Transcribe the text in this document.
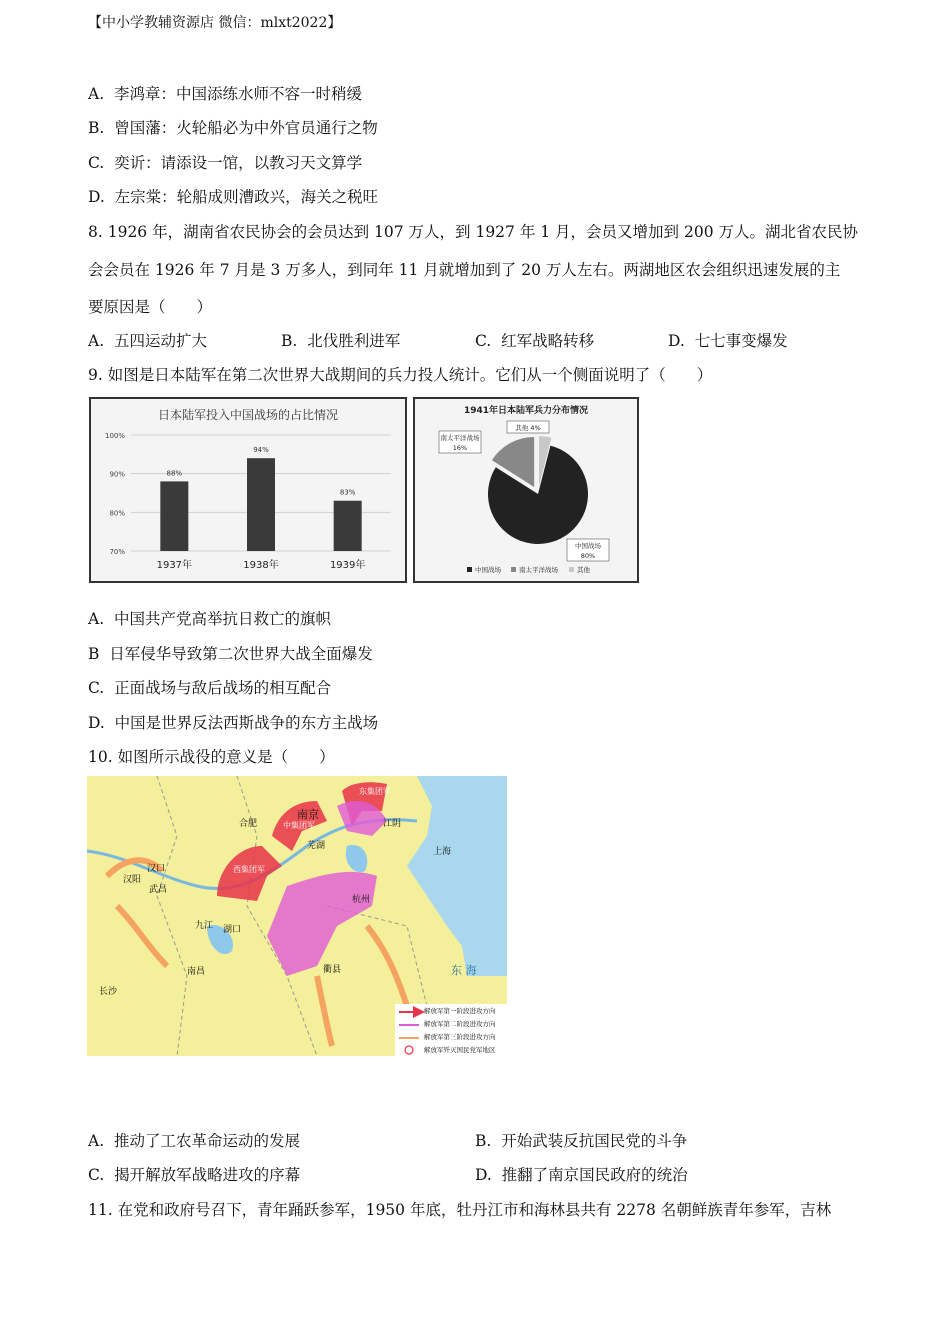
【中小学教辅资源店 微信：mlxt2022】
A. 李鸿章：中国添练水师不容一时稍缓
B. 曾国藩：火轮船必为中外官员通行之物
C. 奕䜣：请添设一馆，以教习天文算学
D. 左宗棠：轮船成则漕政兴，海关之税旺
8. 1926 年，湖南省农民协会的会员达到 107 万人，到 1927 年 1 月，会员又增加到 200 万人。湖北省农民协
会会员在 1926 年 7 月是 3 万多人，到同年 11 月就增加到了 20 万人左右。两湖地区农会组织迅速发展的主
要原因是（　　）
A. 五四运动扩大	B. 北伐胜利进军	C. 红军战略转移	D. 七七事变爆发
9. 如图是日本陆军在第二次世界大战期间的兵力投人统计。它们从一个侧面说明了（　　）
日本陆军投入中国战场的占比情况
100%
90%
80%
70%
88%
1937年
94%
1938年
83%
1939年
1941年日本陆军兵力分布情况
中国战场
80%
南太平洋战场
16%
其他 4%
中国战场	南太平洋战场	其他
A. 中国共产党高举抗日救亡的旗帜
B 日军侵华导致第二次世界大战全面爆发
C. 正面战场与敌后战场的相互配合
D. 中国是世界反法西斯战争的东方主战场
10. 如图所示战役的意义是（　　）
南京
合肥
芜湖
江阴
上海
汉口
汉阳
武昌
九江 湖口
杭州
南昌	衢县
长沙
东 海
东集团军
中集团军
西集团军
解放军第一阶段进攻方向
解放军第二阶段进攻方向
解放军第三阶段进攻方向
解放军歼灭国民党军地区
A. 推动了工农革命运动的发展	B. 开始武装反抗国民党的斗争
C. 揭开解放军战略进攻的序幕	D. 推翻了南京国民政府的统治
11. 在党和政府号召下，青年踊跃参军，1950 年底，牡丹江市和海林县共有 2278 名朝鲜族青年参军，吉林
